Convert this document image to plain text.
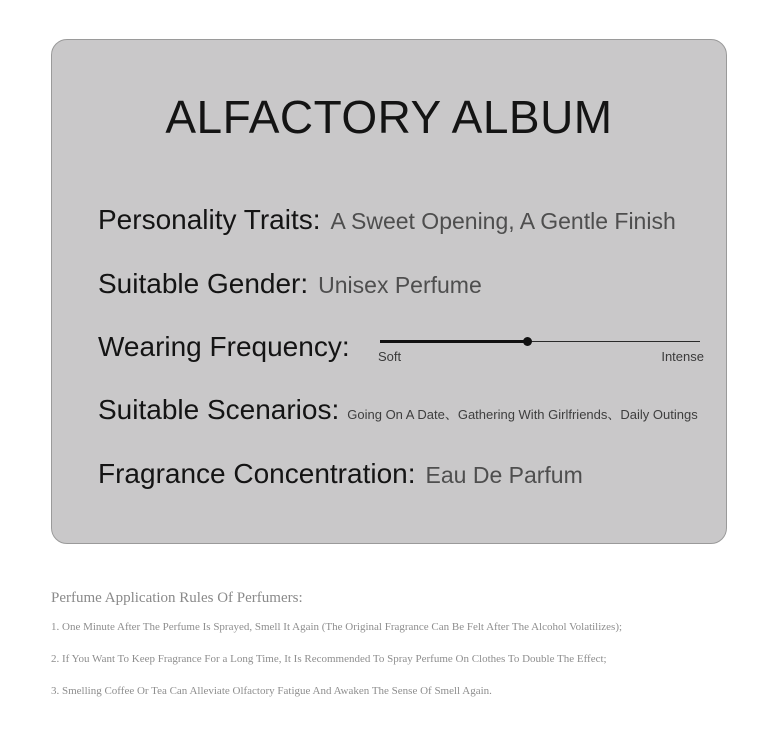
ALFACTORY ALBUM
Personality Traits: A Sweet Opening, A Gentle Finish
Suitable Gender: Unisex Perfume
Wearing Frequency: Soft	Intense
Suitable Scenarios: Going On A Date、Gathering With Girlfriends、Daily Outings
Fragrance Concentration: Eau De Parfum
Perfume Application Rules Of Perfumers:
1. One Minute After The Perfume Is Sprayed, Smell It Again (The Original Fragrance Can Be Felt After The Alcohol Volatilizes);
2. If You Want To Keep Fragrance For a Long Time, It Is Recommended To Spray Perfume On Clothes To Double The Effect;
3. Smelling Coffee Or Tea Can Alleviate Olfactory Fatigue And Awaken The Sense Of Smell Again.
